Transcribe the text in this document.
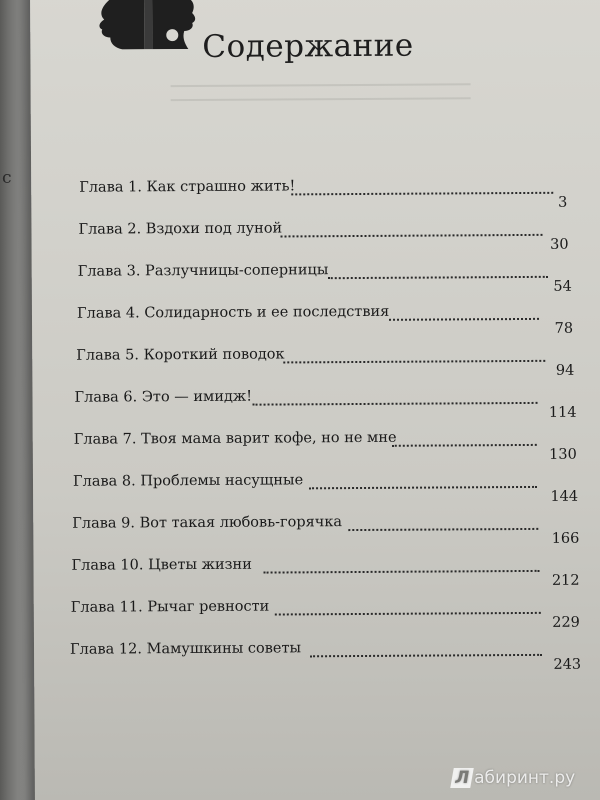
с
Содержание
Глава 1. Как страшно жить!
3
Глава 2. Вздохи под луной
30
Глава 3. Разлучницы-соперницы
54
Глава 4. Солидарность и ее последствия
78
Глава 5. Короткий поводок
94
Глава 6. Это — имидж!
114
Глава 7. Твоя мама варит кофе, но не мне
130
Глава 8. Проблемы насущные
144
Глава 9. Вот такая любовь-горячка
166
Глава 10. Цветы жизни
212
Глава 11. Рычаг ревности
229
Глава 12. Мамушкины советы
243
Л абиринт.ру
